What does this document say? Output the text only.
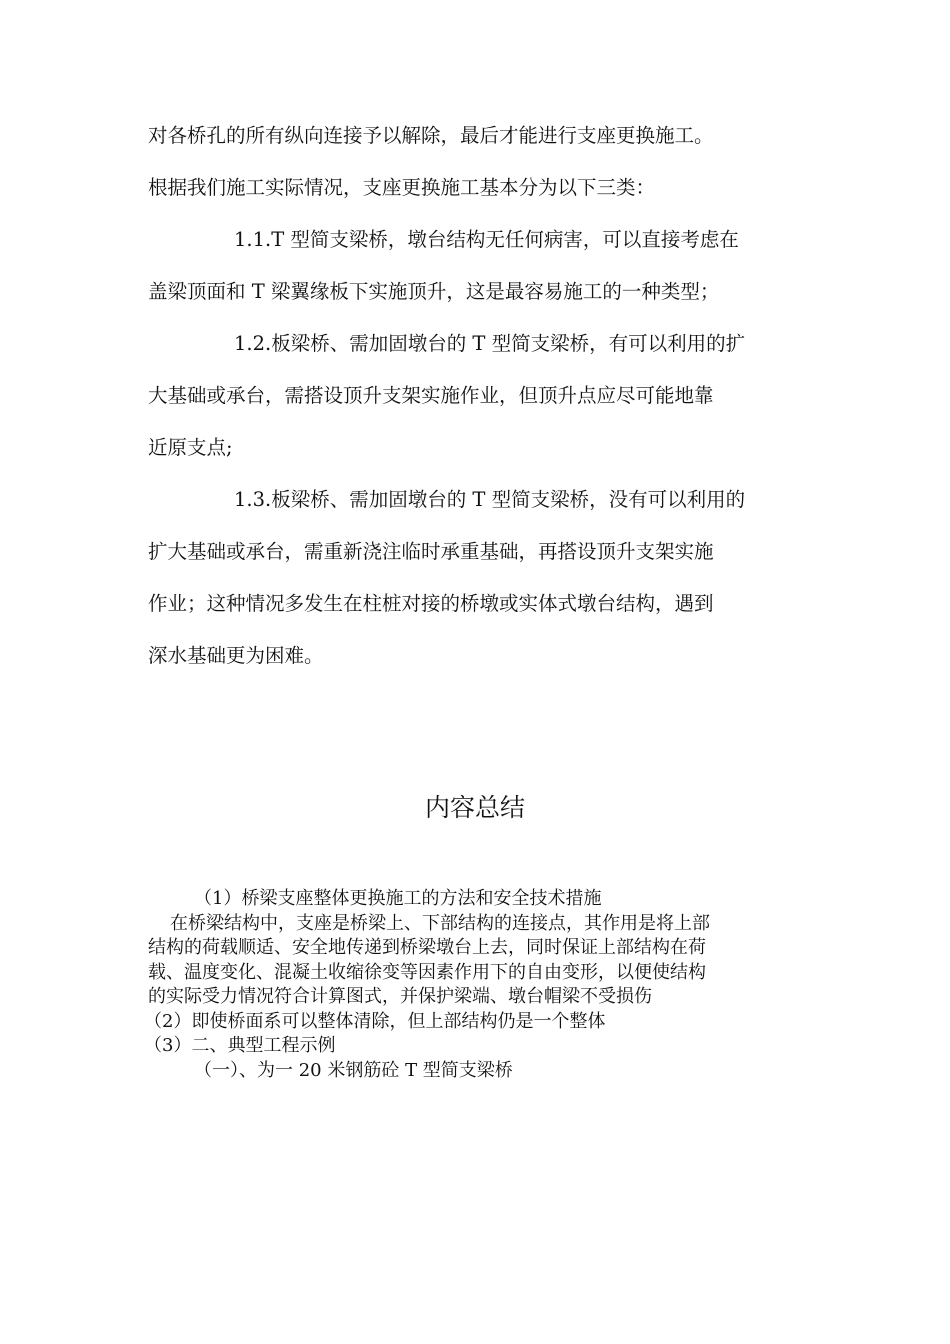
对各桥孔的所有纵向连接予以解除，最后才能进行支座更换施工。

根据我们施工实际情况，支座更换施工基本分为以下三类：

1.1.T 型简支梁桥，墩台结构无任何病害，可以直接考虑在

盖梁顶面和 T 梁翼缘板下实施顶升，这是最容易施工的一种类型；

1.2.板梁桥、需加固墩台的 T 型简支梁桥，有可以利用的扩

大基础或承台，需搭设顶升支架实施作业，但顶升点应尽可能地靠

近原支点;

1.3.板梁桥、需加固墩台的 T 型简支梁桥，没有可以利用的

扩大基础或承台，需重新浇注临时承重基础，再搭设顶升支架实施

作业；这种情况多发生在柱桩对接的桥墩或实体式墩台结构，遇到

深水基础更为困难。

内容总结

（1）桥梁支座整体更换施工的方法和安全技术措施

在桥梁结构中，支座是桥梁上、下部结构的连接点，其作用是将上部

结构的荷载顺适、安全地传递到桥梁墩台上去，同时保证上部结构在荷

载、温度变化、混凝土收缩徐变等因素作用下的自由变形，以便使结构

的实际受力情况符合计算图式，并保护梁端、墩台帽梁不受损伤

（2）即使桥面系可以整体清除，但上部结构仍是一个整体

（3）二、典型工程示例

（一）、为一 20 米钢筋砼 T 型简支梁桥
